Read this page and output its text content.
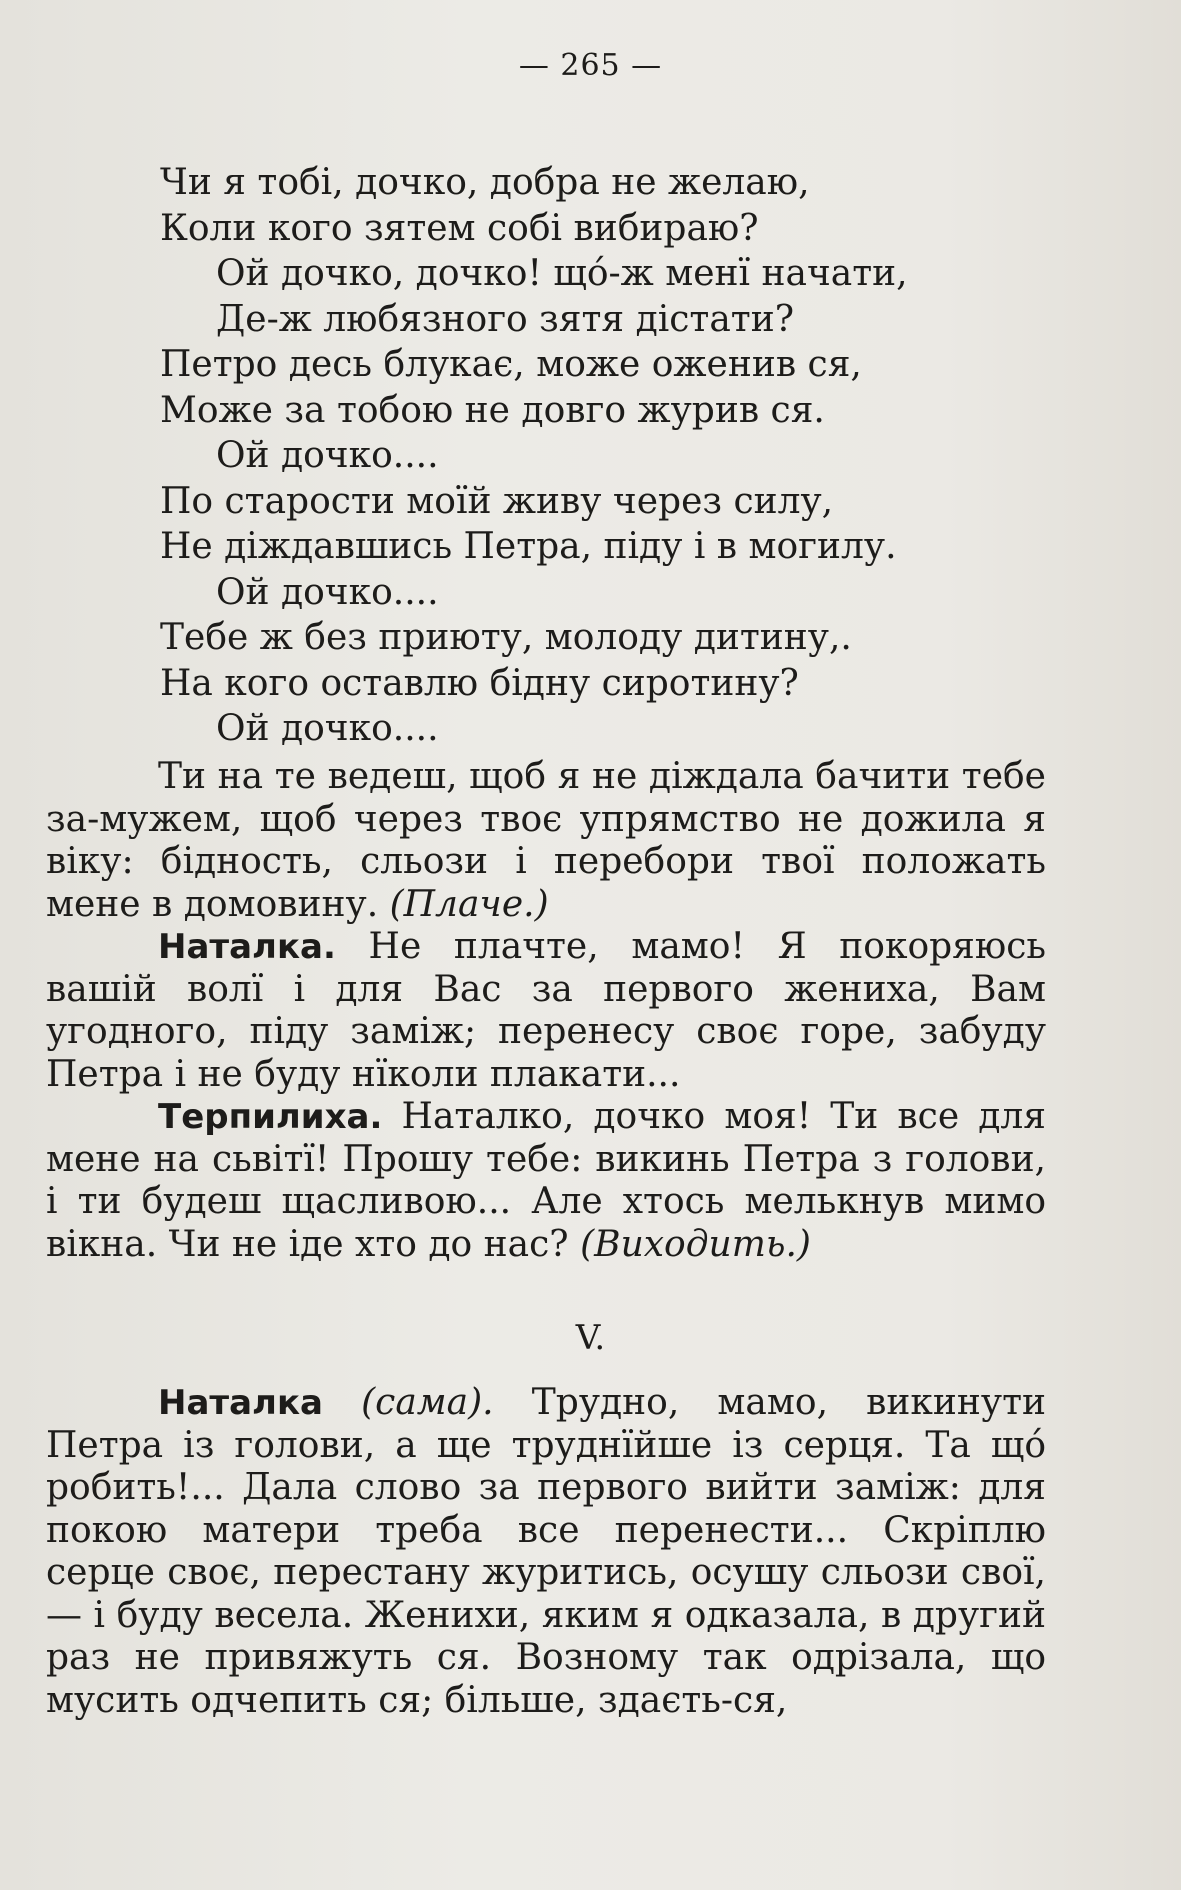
— 265 —
Чи я тобі, дочко, добра не желаю,
Коли кого зятем собі вибираю?
Ой дочко, дочко! щó-ж менї начати,
Де-ж любязного зятя дістати?
Петро десь блукає, може оженив ся,
Може за тобою не довго журив ся.
Ой дочко....
По старости моїй живу через силу,
Не діждавшись Петра, піду і в могилу.
Ой дочко....
Тебе ж без приюту, молоду дитину,.
На кого оставлю бідну сиротину?
Ой дочко....

Ти на те ведеш, щоб я не діждала бачити тебе за-мужем, щоб через твоє упрямство не дожила я віку: бідность, сльози і перебори твої положать мене в домовину. (Плаче.)

Наталка. Не плачте, мамо! Я покоряюсь вашій волї і для Вас за первого жениха, Вам угодного, піду заміж; перенесу своє горе, забуду Петра і не буду нїколи плакати...

Терпилиха. Наталко, дочко моя! Ти все для мене на сьвітї! Прошу тебе: викинь Петра з голови, і ти будеш щасливою... Але хтось мелькнув мимо вікна. Чи не іде хто до нас? (Виходить.)

V.

Наталка (сама). Трудно, мамо, викинути Петра із голови, а ще труднїйше із серця. Та щó робить!... Дала слово за первого вийти заміж: для покою матери треба все перенести... Скріплю серце своє, перестану журитись, осушу сльози свої, — і буду весела. Женихи, яким я одказала, в другий раз не привяжуть ся. Возному так одрізала, що мусить одчепить ся; більше, здаєть-ся,
